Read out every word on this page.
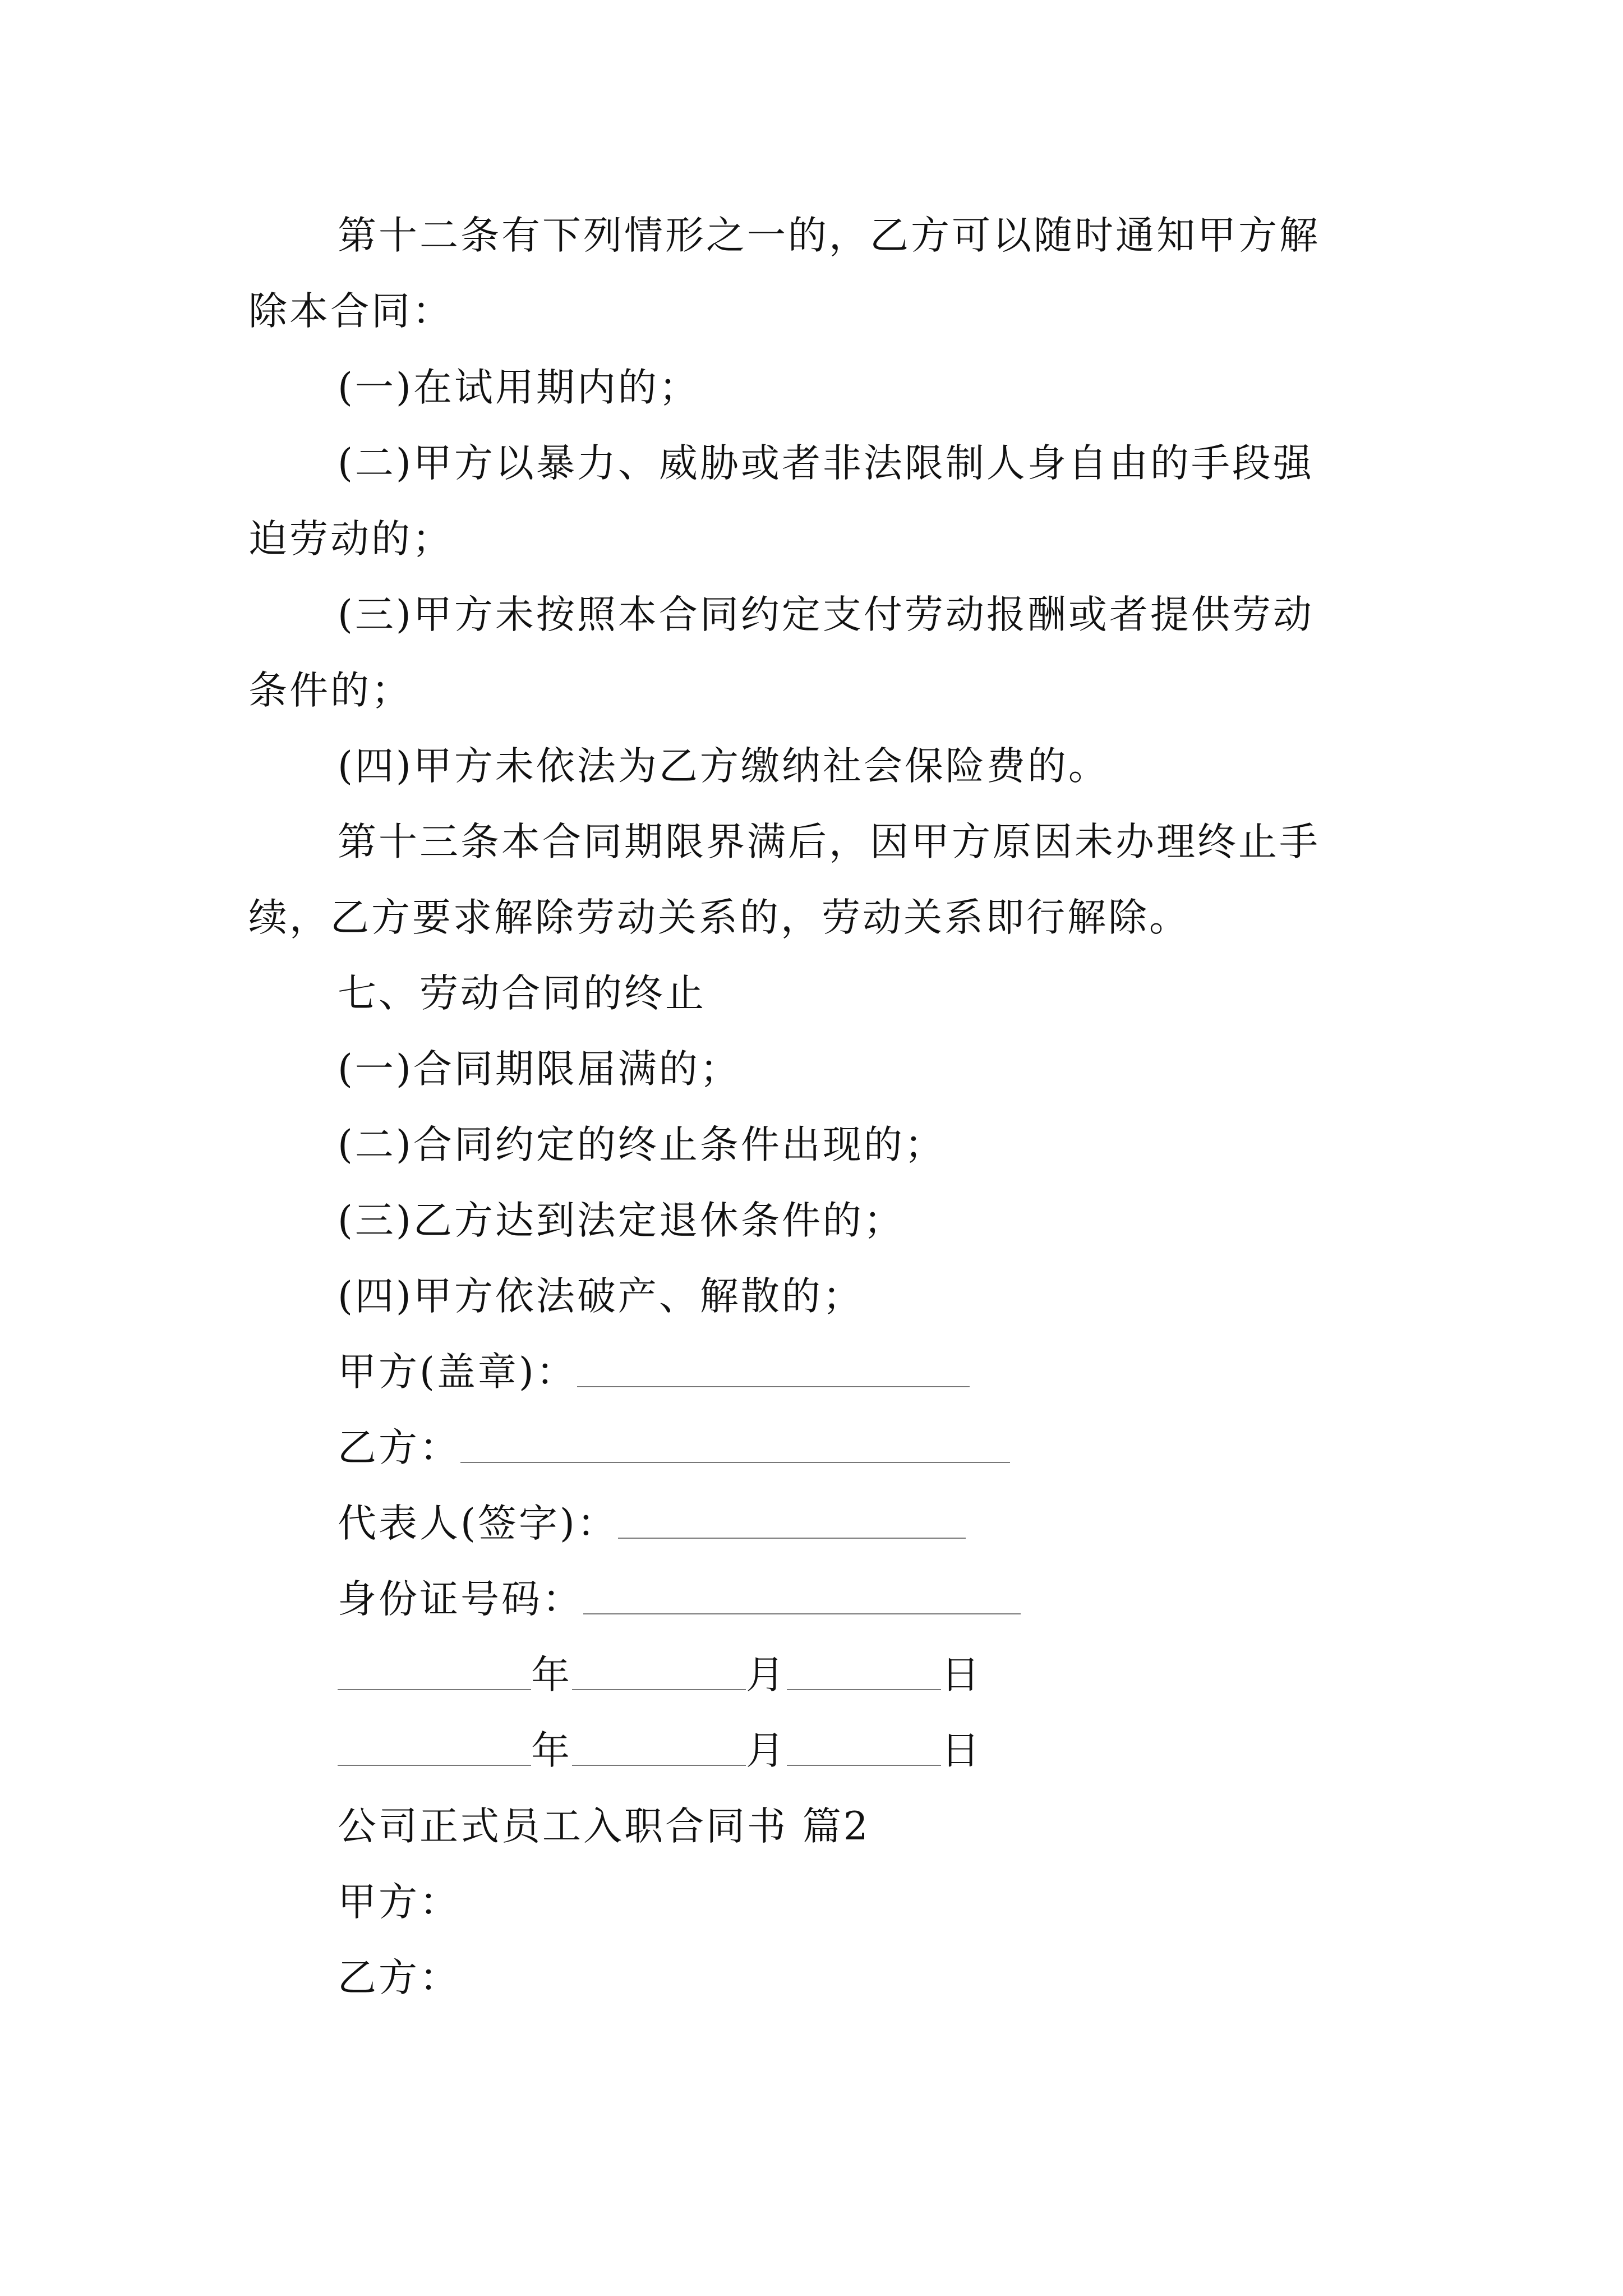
第十二条有下列情形之一的，乙方可以随时通知甲方解
除本合同：
(一)在试用期内的；
(二)甲方以暴力、威胁或者非法限制人身自由的手段强
迫劳动的；
(三)甲方未按照本合同约定支付劳动报酬或者提供劳动
条件的；
(四)甲方未依法为乙方缴纳社会保险费的。
第十三条本合同期限界满后，因甲方原因未办理终止手
续，乙方要求解除劳动关系的，劳动关系即行解除。
七、劳动合同的终止
(一)合同期限届满的；
(二)合同约定的终止条件出现的；
(三)乙方达到法定退休条件的；
(四)甲方依法破产、解散的；
甲方(盖章)：
乙方：
代表人(签字)：
身份证号码：
年	月	日
年	月	日
公司正式员工入职合同书 篇2
甲方：
乙方：
